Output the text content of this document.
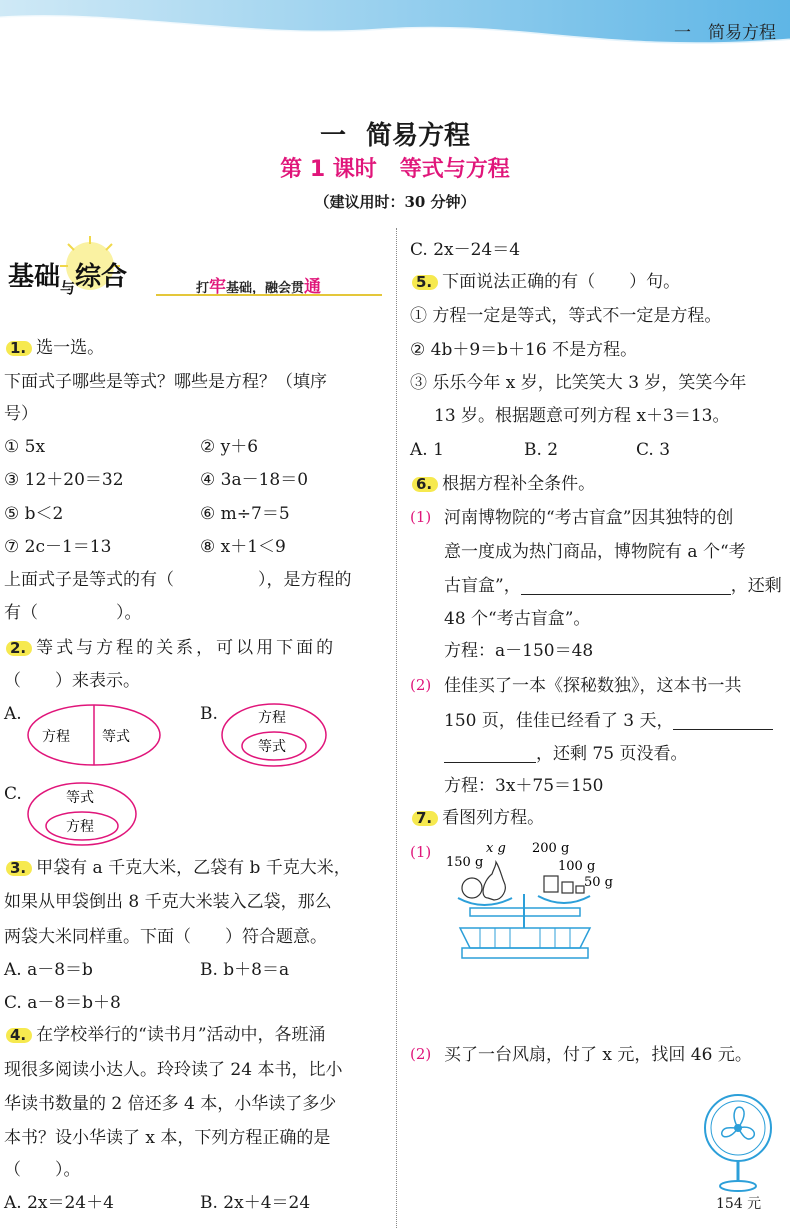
一　简易方程
一 简易方程
第 1 课时 等式与方程
（建议用时：30 分钟）
基础$_与$综合	打牢基础，融会贯通
1. 选一选。
下面式子哪些是等式？哪些是方程？（填序
号）
① 5x	② y＋6
③ 12＋20＝32	④ 3a－18＝0
⑤ b＜2	⑥ m÷7＝5
⑦ 2c－1＝13	⑧ x＋1＜9
上面式子是等式的有（	），是方程的
有（	）。
2. 等式与方程的关系，可以用下面的
（　　）来表示。
A.
方程 等式
B.	方程
等式
C.	等式
方程
3. 甲袋有 a 千克大米，乙袋有 b 千克大米，
如果从甲袋倒出 8 千克大米装入乙袋，那么
两袋大米同样重。下面（　　）符合题意。
A. a－8＝b	B. b＋8＝a
C. a－8＝b＋8
4. 在学校举行的“读书月”活动中，各班涌
现很多阅读小达人。玲玲读了 24 本书，比小
华读书数量的 2 倍还多 4 本，小华读了多少
本书？设小华读了 x 本，下列方程正确的是
（　　）。
A. 2x＝24＋4	B. 2x＋4＝24
C. 2x－24＝4
5. 下面说法正确的有（　　）句。
① 方程一定是等式，等式不一定是方程。
② 4b＋9＝b＋16 不是方程。
③ 乐乐今年 x 岁，比笑笑大 3 岁，笑笑今年
13 岁。根据题意可列方程 x＋3＝13。
A. 1	B. 2	C. 3
6. 根据方程补全条件。
(1) 河南博物院的“考古盲盒”因其独特的创
意一度成为热门商品，博物院有 a 个“考
古盲盒”，	，还剩
48 个“考古盲盒”。
方程：a－150＝48
(2) 佳佳买了一本《探秘数独》，这本书一共
150 页，佳佳已经看了 3 天，
，还剩 75 页没看。
方程：3x＋75＝150
7. 看图列方程。
(1)
150 g
x g 200 g
100 g
50 g
(2) 买了一台风扇，付了 x 元，找回 46 元。
154 元
